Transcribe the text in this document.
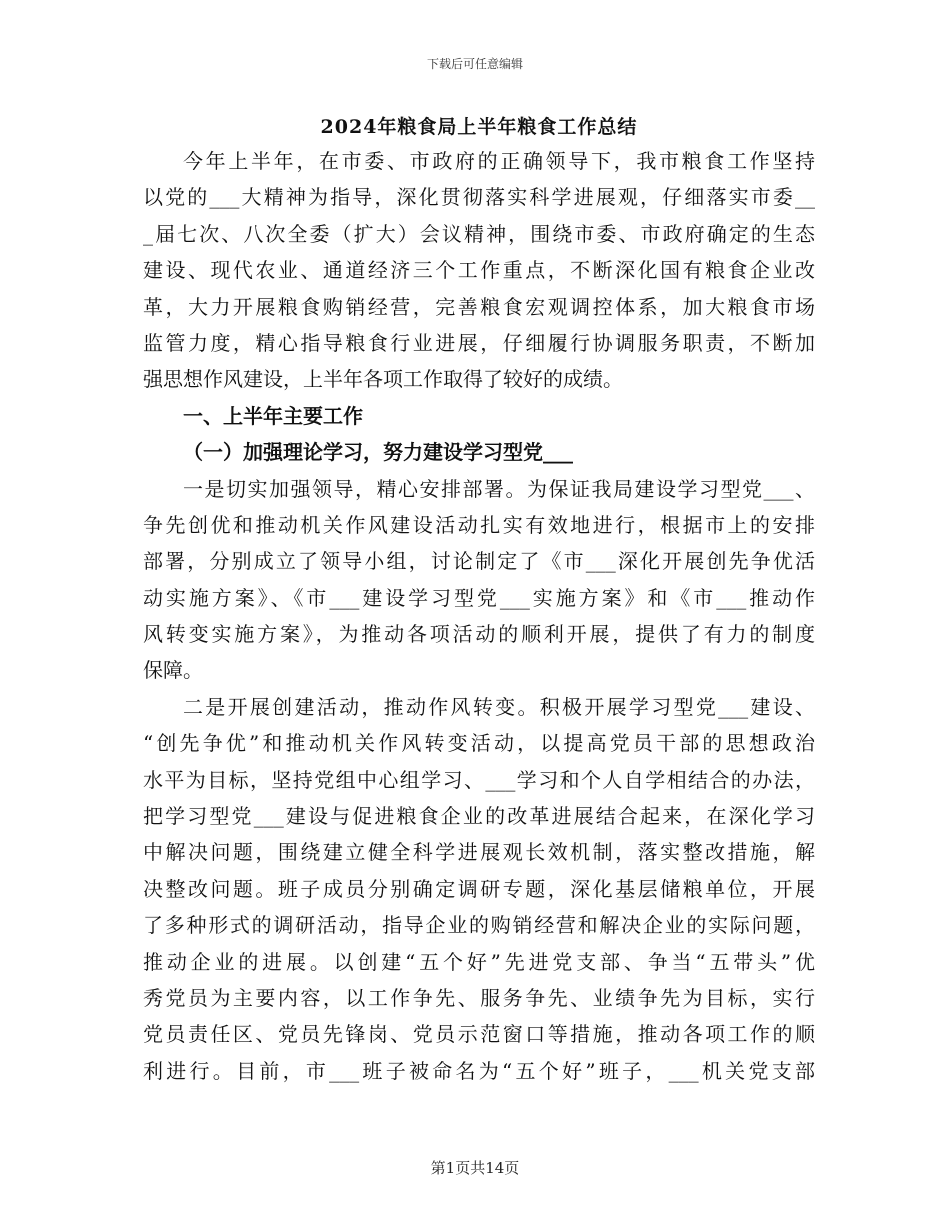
下载后可任意编辑
2024年粮食局上半年粮食工作总结
今年上半年，在市委、市政府的正确领导下，我市粮食工作坚持
以党的___大精神为指导，深化贯彻落实科学进展观，仔细落实市委__
_届七次、八次全委（扩大）会议精神，围绕市委、市政府确定的生态
建设、现代农业、通道经济三个工作重点，不断深化国有粮食企业改
革，大力开展粮食购销经营，完善粮食宏观调控体系，加大粮食市场
监管力度，精心指导粮食行业进展，仔细履行协调服务职责，不断加
强思想作风建设，上半年各项工作取得了较好的成绩。
一、上半年主要工作
（一）加强理论学习，努力建设学习型党___
一是切实加强领导，精心安排部署。为保证我局建设学习型党___、
争先创优和推动机关作风建设活动扎实有效地进行，根据市上的安排
部署，分别成立了领导小组，讨论制定了《市___深化开展创先争优活
动实施方案》、《市___建设学习型党___实施方案》和《市___推动作
风转变实施方案》，为推动各项活动的顺利开展，提供了有力的制度
保障。
二是开展创建活动，推动作风转变。积极开展学习型党___建设、
“创先争优”和推动机关作风转变活动，以提高党员干部的思想政治
水平为目标，坚持党组中心组学习、___学习和个人自学相结合的办法，
把学习型党___建设与促进粮食企业的改革进展结合起来，在深化学习
中解决问题，围绕建立健全科学进展观长效机制，落实整改措施，解
决整改问题。班子成员分别确定调研专题，深化基层储粮单位，开展
了多种形式的调研活动，指导企业的购销经营和解决企业的实际问题，
推动企业的进展。以创建“五个好”先进党支部、争当“五带头”优
秀党员为主要内容，以工作争先、服务争先、业绩争先为目标，实行
党员责任区、党员先锋岗、党员示范窗口等措施，推动各项工作的顺
利进行。目前，市___班子被命名为“五个好”班子，___机关党支部
第1页共14页
